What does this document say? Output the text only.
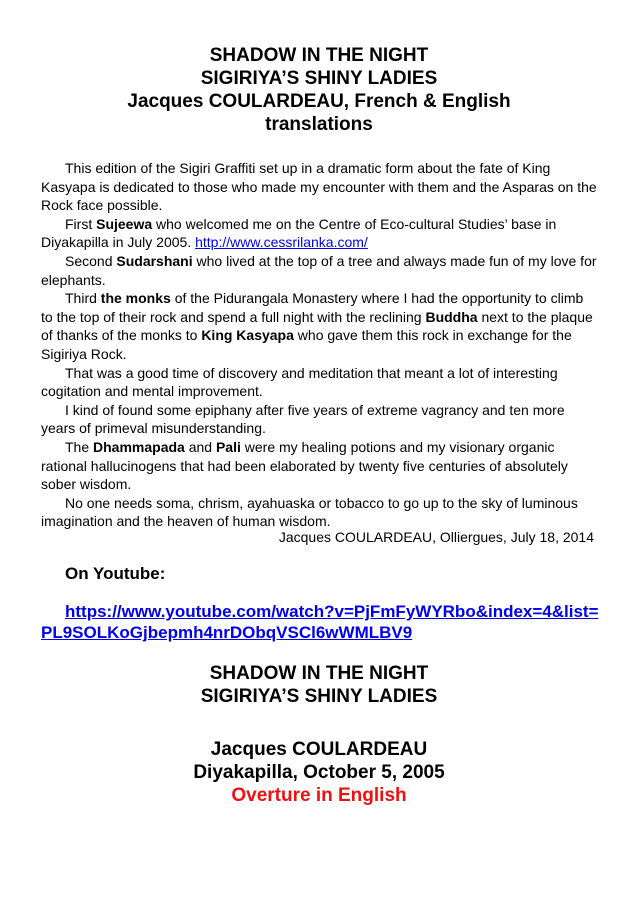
SHADOW IN THE NIGHT
SIGIRIYA’S SHINY LADIES
Jacques COULARDEAU, French & English
translations

This edition of the Sigiri Graffiti set up in a dramatic form about the fate of King Kasyapa is dedicated to those who made my encounter with them and the Asparas on the Rock face possible.

First Sujeewa who welcomed me on the Centre of Eco-cultural Studies’ base in Diyakapilla in July 2005. http://www.cessrilanka.com/

Second Sudarshani who lived at the top of a tree and always made fun of my love for elephants.

Third the monks of the Pidurangala Monastery where I had the opportunity to climb to the top of their rock and spend a full night with the reclining Buddha next to the plaque of thanks of the monks to King Kasyapa who gave them this rock in exchange for the Sigiriya Rock.

That was a good time of discovery and meditation that meant a lot of interesting cogitation and mental improvement.

I kind of found some epiphany after five years of extreme vagrancy and ten more years of primeval misunderstanding.

The Dhammapada and Pali were my healing potions and my visionary organic rational hallucinogens that had been elaborated by twenty five centuries of absolutely sober wisdom.

No one needs soma, chrism, ayahuaska or tobacco to go up to the sky of luminous imagination and the heaven of human wisdom.

Jacques COULARDEAU, Olliergues, July 18, 2014
On Youtube:
https://www.youtube.com/watch?v=PjFmFyWYRbo&index=4&list=PL9SOLKoGjbepmh4nrDObqVSCl6wWMLBV9
SHADOW IN THE NIGHT
SIGIRIYA’S SHINY LADIES
Jacques COULARDEAU
Diyakapilla, October 5, 2005
Overture in English
